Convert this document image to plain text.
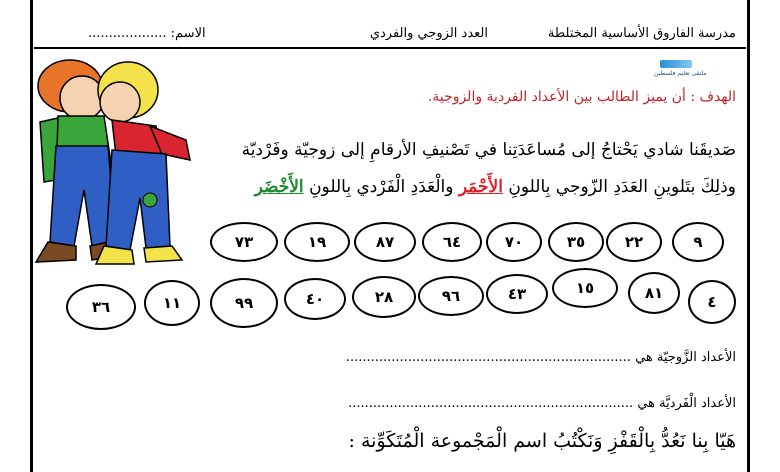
مدرسة الفاروق الأساسية المختلطة
العدد الزوجي والفردي
الاسم: ...................
ملتقى تعليم فلسطين
الهدف : أن يميز الطالب بين الأعداد الفردية والزوجية.
صَديقَنا شادي يَحْتاجُ إلى مُساعَدَتِنا في تَصْنيفِ الأرقامِ إلى زوجيّة وفَرْديّة
وذلِكَ بتَلوينِ العَدَدِ الزّوجي بِاللونِ الأَحْمَر والْعَدَدِ الْفَرْدي بِاللونِ الأَخْضَر
٩
٢٢
٣٥
٧٠
٦٤
٨٧
١٩
٧٣
٤
٨١
١٥
٤٣
٩٦
٢٨
٤٠
٩٩
١١
٣٦
الأعداد الزَّوجيّة هي .....................................................................
الأعداد الْفَرديَّة هي .....................................................................
هَيّا بِنا نَعُدُّ بِالْقَفْزِ وَنَكْتُبُ اسم الْمَجْموعة الْمُتَكَوِّنة :
